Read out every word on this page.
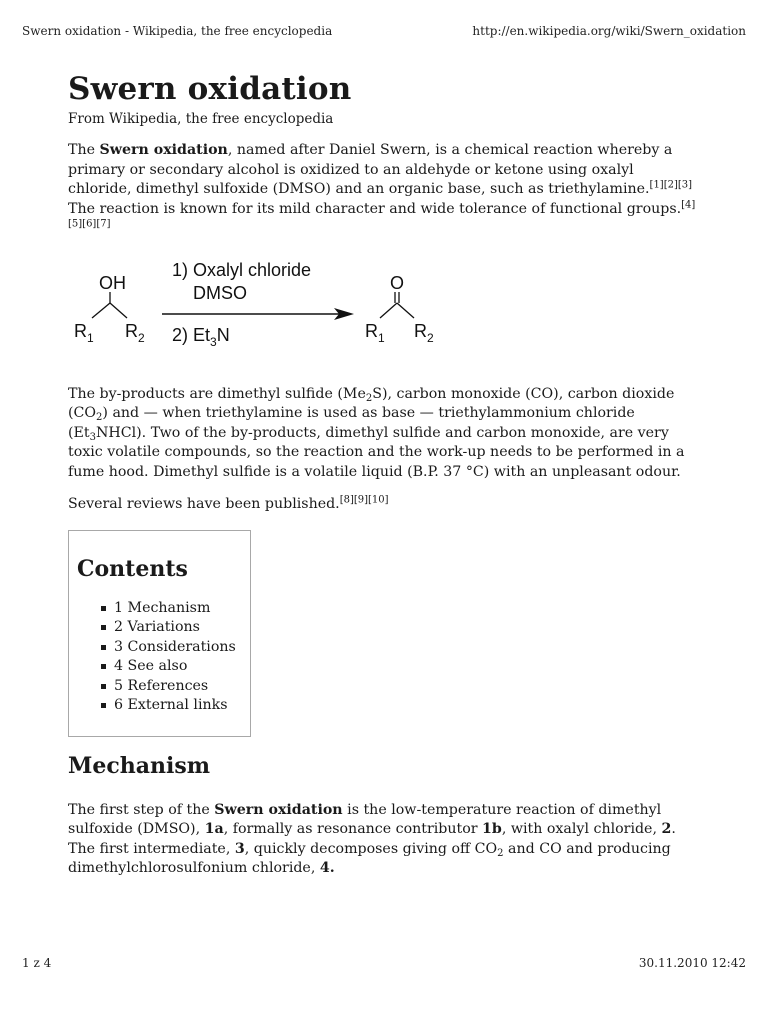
Swern oxidation - Wikipedia, the free encyclopedia	http://en.wikipedia.org/wiki/Swern_oxidation
Swern oxidation
From Wikipedia, the free encyclopedia

The Swern oxidation, named after Daniel Swern, is a chemical reaction whereby a primary or secondary alcohol is oxidized to an aldehyde or ketone using oxalyl chloride, dimethyl sulfoxide (DMSO) and an organic base, such as triethylamine.[1][2][3] The reaction is known for its mild character and wide tolerance of functional groups.[4][5][6][7]

OH
$R_1$ $R_2$
1) Oxalyl chloride
DMSO
2) $Et_3N$
O
$R_1$ $R_2$

The by-products are dimethyl sulfide $(Me_2S)$, carbon monoxide (CO), carbon dioxide $(CO_2)$ and — when triethylamine is used as base — triethylammonium chloride $(Et_3NHCl)$. Two of the by-products, dimethyl sulfide and carbon monoxide, are very toxic volatile compounds, so the reaction and the work-up needs to be performed in a fume hood. Dimethyl sulfide is a volatile liquid (B.P. 37 °C) with an unpleasant odour.

Several reviews have been published.[8][9][10]

Contents
1 Mechanism
2 Variations
3 Considerations
4 See also
5 References
6 External links
Mechanism

The first step of the Swern oxidation is the low-temperature reaction of dimethyl sulfoxide (DMSO), 1a, formally as resonance contributor 1b, with oxalyl chloride, 2. The first intermediate, 3, quickly decomposes giving off $CO_2$ and CO and producing dimethylchlorosulfonium chloride, 4.

1 z 4	30.11.2010 12:42
